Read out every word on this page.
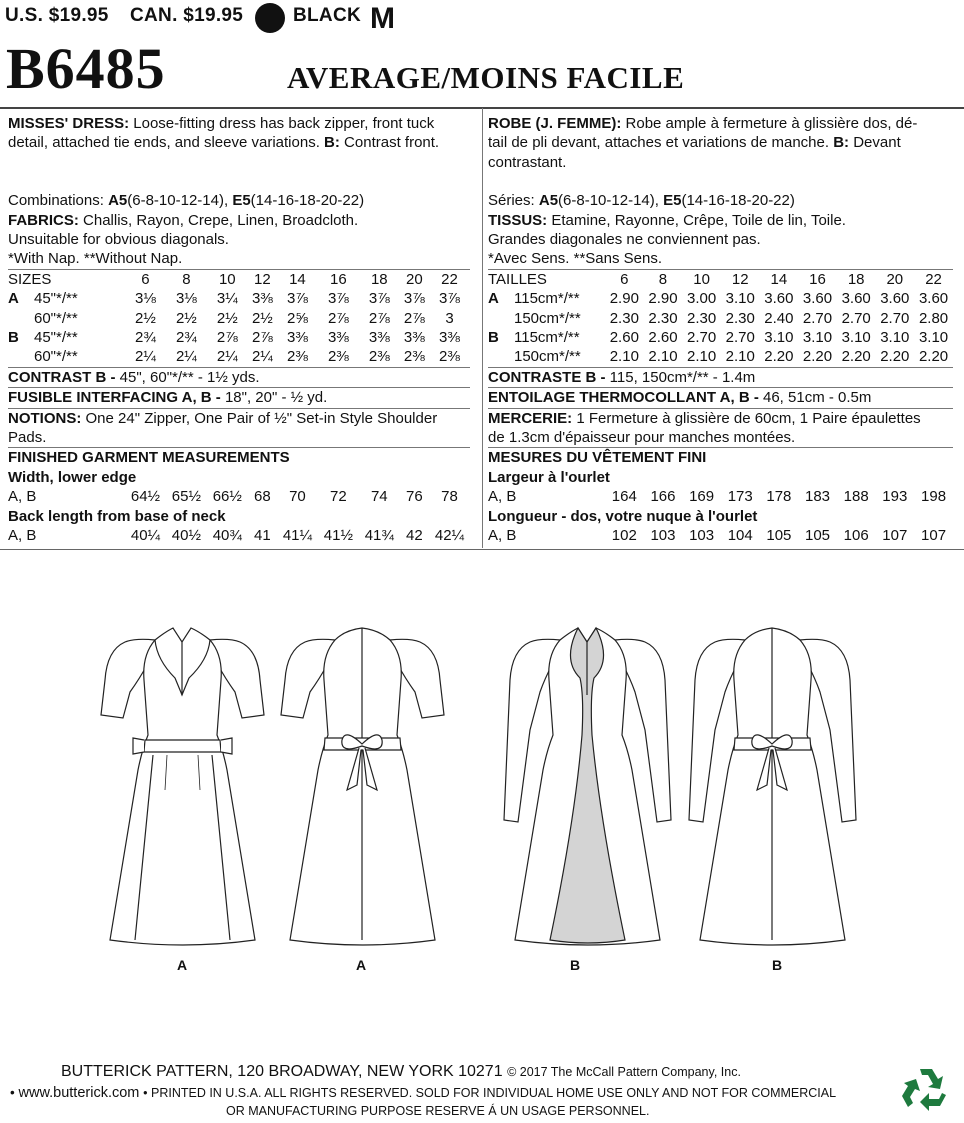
U.S. $19.95 CAN. $19.95	BLACK M
B6485	AVERAGE/MOINS FACILE
MISSES' DRESS: Loose-fitting dress has back zipper, front tuck
detail, attached tie ends, and sleeve variations. B: Contrast front.
Combinations: A5(6-8-10-12-14), E5(14-16-18-20-22)
FABRICS: Challis, Rayon, Crepe, Linen, Broadcloth.
Unsuitable for obvious diagonals.
*With Nap. **Without Nap.
SIZES		6	8	10	12	14	16	18	20	22
A	45"*/**	3⅛	3⅛	3¼	3⅜	3⅞	3⅞	3⅞	3⅞	3⅞
	60"*/**	2½	2½	2½	2½	2⅝	2⅞	2⅞	2⅞	3
B	45"*/**	2¾	2¾	2⅞	2⅞	3⅜	3⅜	3⅜	3⅜	3⅜
	60"*/**	2¼	2¼	2¼	2¼	2⅜	2⅜	2⅜	2⅜	2⅜
CONTRAST B - 45", 60"*/** - 1½ yds.										
FUSIBLE INTERFACING A, B - 18", 20" - ½ yd.										
NOTIONS: One 24" Zipper, One Pair of ½" Set-in Style Shoulder										
Pads.										
FINISHED GARMENT MEASUREMENTS										
Width, lower edge										
A, B		64½	65½	66½	68	70	72	74	76	78
Back length from base of neck										
A, B		40¼	40½	40¾	41	41¼	41½	41¾	42	42¼
ROBE (J. FEMME): Robe ample à fermeture à glissière dos, dé-
tail de pli devant, attaches et variations de manche. B: Devant
contrastant.
Séries: A5(6-8-10-12-14), E5(14-16-18-20-22)
TISSUS: Etamine, Rayonne, Crêpe, Toile de lin, Toile.
Grandes diagonales ne conviennent pas.
*Avec Sens. **Sans Sens.
TAILLES		6	8	10	12	14	16	18	20	22
A	115cm*/**	2.90	2.90	3.00	3.10	3.60	3.60	3.60	3.60	3.60
	150cm*/**	2.30	2.30	2.30	2.30	2.40	2.70	2.70	2.70	2.80
B	115cm*/**	2.60	2.60	2.70	2.70	3.10	3.10	3.10	3.10	3.10
	150cm*/**	2.10	2.10	2.10	2.10	2.20	2.20	2.20	2.20	2.20
CONTRASTE B - 115, 150cm*/** - 1.4m										
ENTOILAGE THERMOCOLLANT A, B - 46, 51cm - 0.5m										
MERCERIE: 1 Fermeture à glissière de 60cm, 1 Paire épaulettes										
de 1.3cm d'épaisseur pour manches montées.										
MESURES DU VÊTEMENT FINI										
Largeur à l'ourlet										
A, B		164	166	169	173	178	183	188	193	198
Longueur - dos, votre nuque à l'ourlet										
A, B		102	103	103	104	105	105	106	107	107
A	A	B	B
BUTTERICK PATTERN, 120 BROADWAY, NEW YORK 10271 © 2017 The McCall Pattern Company, Inc.
• www.butterick.com • PRINTED IN U.S.A. ALL RIGHTS RESERVED. SOLD FOR INDIVIDUAL HOME USE ONLY AND NOT FOR COMMERCIAL
OR MANUFACTURING PURPOSE RESERVE Á UN USAGE PERSONNEL.
